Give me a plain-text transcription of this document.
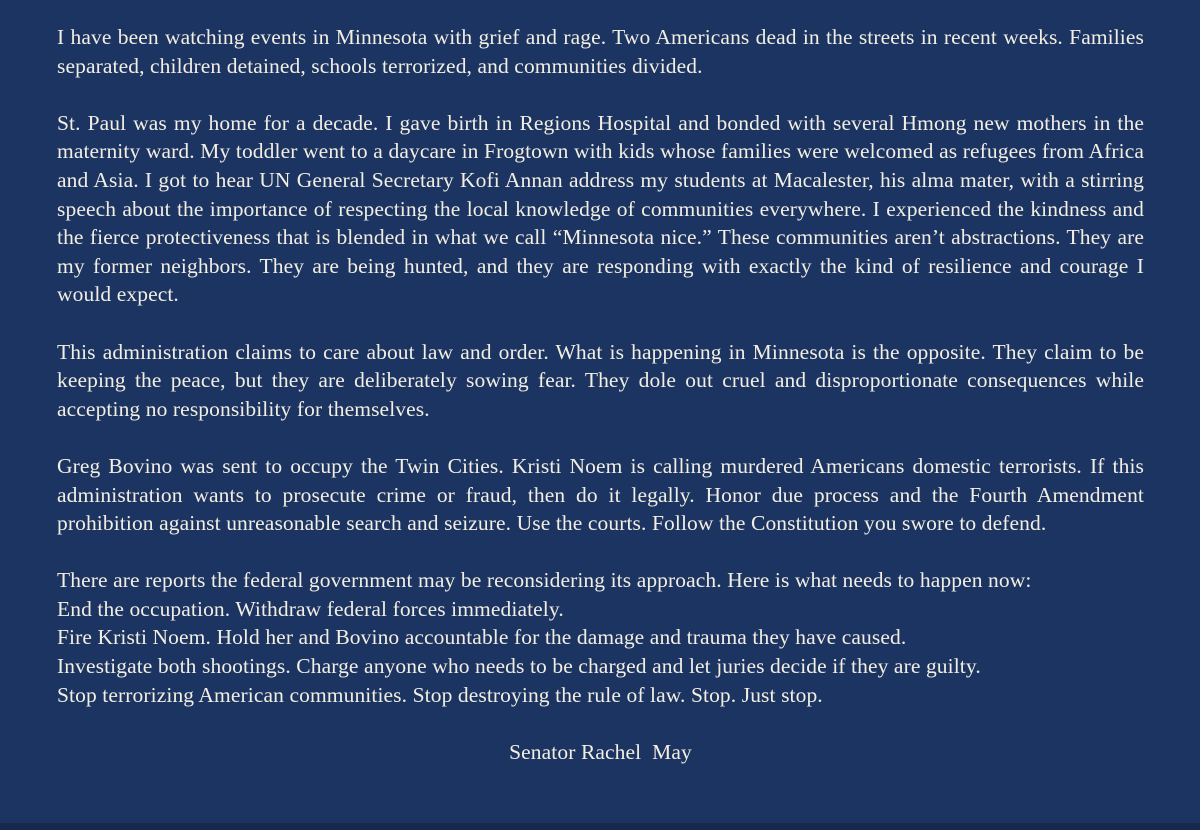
I have been watching events in Minnesota with grief and rage. Two Americans dead in the streets in recent weeks. Families separated, children detained, schools terrorized, and communities divided.

St. Paul was my home for a decade. I gave birth in Regions Hospital and bonded with several Hmong new mothers in the maternity ward. My toddler went to a daycare in Frogtown with kids whose families were welcomed as refugees from Africa and Asia. I got to hear UN General Secretary Kofi Annan address my students at Macalester, his alma mater, with a stirring speech about the importance of respecting the local knowledge of communities everywhere. I experienced the kindness and the fierce protectiveness that is blended in what we call “Minnesota nice.” These communities aren’t abstractions. They are my former neighbors. They are being hunted, and they are responding with exactly the kind of resilience and courage I would expect.

This administration claims to care about law and order. What is happening in Minnesota is the opposite. They claim to be keeping the peace, but they are deliberately sowing fear. They dole out cruel and disproportionate consequences while accepting no responsibility for themselves.

Greg Bovino was sent to occupy the Twin Cities. Kristi Noem is calling murdered Americans domestic terrorists. If this administration wants to prosecute crime or fraud, then do it legally. Honor due process and the Fourth Amendment prohibition against unreasonable search and seizure. Use the courts. Follow the Constitution you swore to defend.

There are reports the federal government may be reconsidering its approach. Here is what needs to happen now:
End the occupation. Withdraw federal forces immediately.
Fire Kristi Noem. Hold her and Bovino accountable for the damage and trauma they have caused.
Investigate both shootings. Charge anyone who needs to be charged and let juries decide if they are guilty.
Stop terrorizing American communities. Stop destroying the rule of law. Stop. Just stop.

Senator Rachel  May
